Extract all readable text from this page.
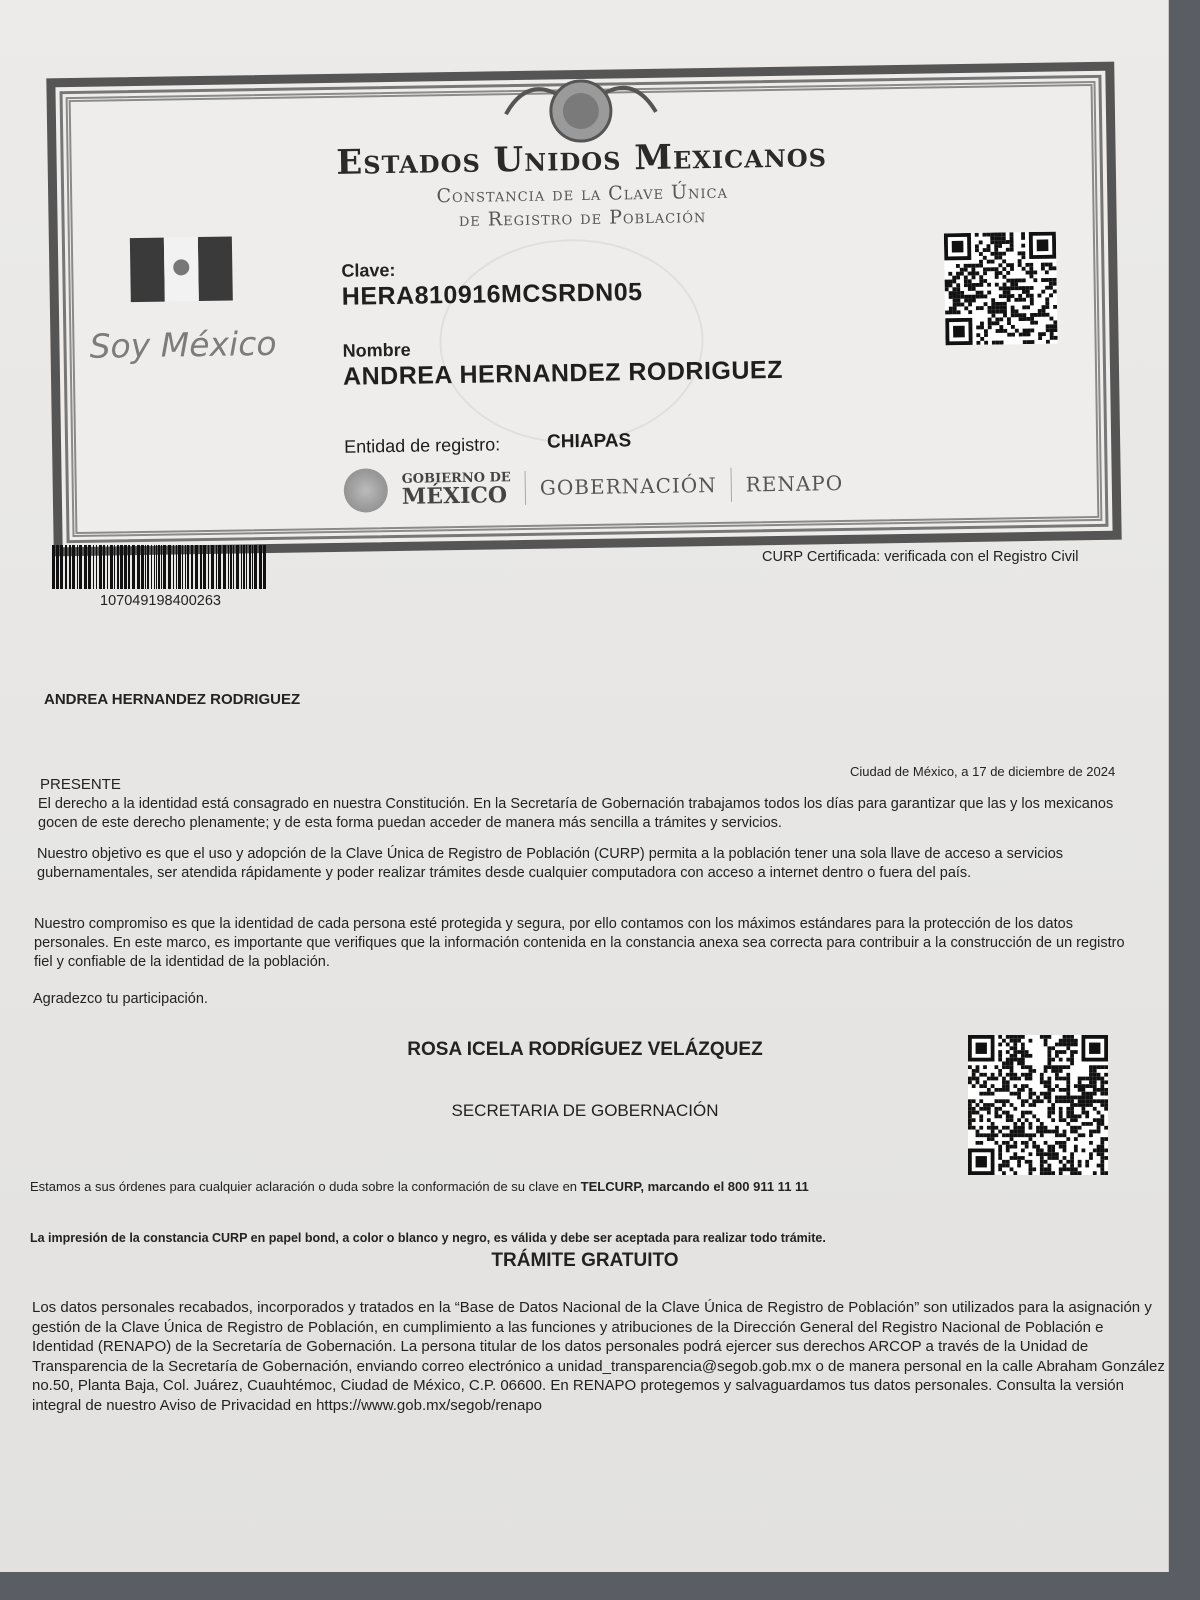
Estados Unidos Mexicanos
Constancia de la Clave Única
de Registro de Población
Soy México
Clave:
HERA810916MCSRDN05
Nombre
ANDREA HERNANDEZ RODRIGUEZ
Entidad de registro: CHIAPAS
GOBIERNO DE
MÉXICO GOBERNACIÓN RENAPO
107049198400263
CURP Certificada: verificada con el Registro Civil
ANDREA HERNANDEZ RODRIGUEZ
Ciudad de México, a 17 de diciembre de 2024
PRESENTE
El derecho a la identidad está consagrado en nuestra Constitución. En la Secretaría de Gobernación trabajamos todos los días para garantizar que las y los mexicanos gocen de este derecho plenamente; y de esta forma puedan acceder de manera más sencilla a trámites y servicios.
Nuestro objetivo es que el uso y adopción de la Clave Única de Registro de Población (CURP) permita a la población tener una sola llave de acceso a servicios gubernamentales, ser atendida rápidamente y poder realizar trámites desde cualquier computadora con acceso a internet dentro o fuera del país.
Nuestro compromiso es que la identidad de cada persona esté protegida y segura, por ello contamos con los máximos estándares para la protección de los datos personales. En este marco, es importante que verifiques que la información contenida en la constancia anexa sea correcta para contribuir a la construcción de un registro fiel y confiable de la identidad de la población.
Agradezco tu participación.
ROSA ICELA RODRÍGUEZ VELÁZQUEZ
SECRETARIA DE GOBERNACIÓN
Estamos a sus órdenes para cualquier aclaración o duda sobre la conformación de su clave en TELCURP, marcando el 800 911 11 11
La impresión de la constancia CURP en papel bond, a color o blanco y negro, es válida y debe ser aceptada para realizar todo trámite.
TRÁMITE GRATUITO
Los datos personales recabados, incorporados y tratados en la “Base de Datos Nacional de la Clave Única de Registro de Población” son utilizados para la asignación y gestión de la Clave Única de Registro de Población, en cumplimiento a las funciones y atribuciones de la Dirección General del Registro Nacional de Población e Identidad (RENAPO) de la Secretaría de Gobernación. La persona titular de los datos personales podrá ejercer sus derechos ARCOP a través de la Unidad de Transparencia de la Secretaría de Gobernación, enviando correo electrónico a unidad_transparencia@segob.gob.mx o de manera personal en la calle Abraham González no.50, Planta Baja, Col. Juárez, Cuauhtémoc, Ciudad de México, C.P. 06600. En RENAPO protegemos y salvaguardamos tus datos personales. Consulta la versión integral de nuestro Aviso de Privacidad en https://www.gob.mx/segob/renapo
